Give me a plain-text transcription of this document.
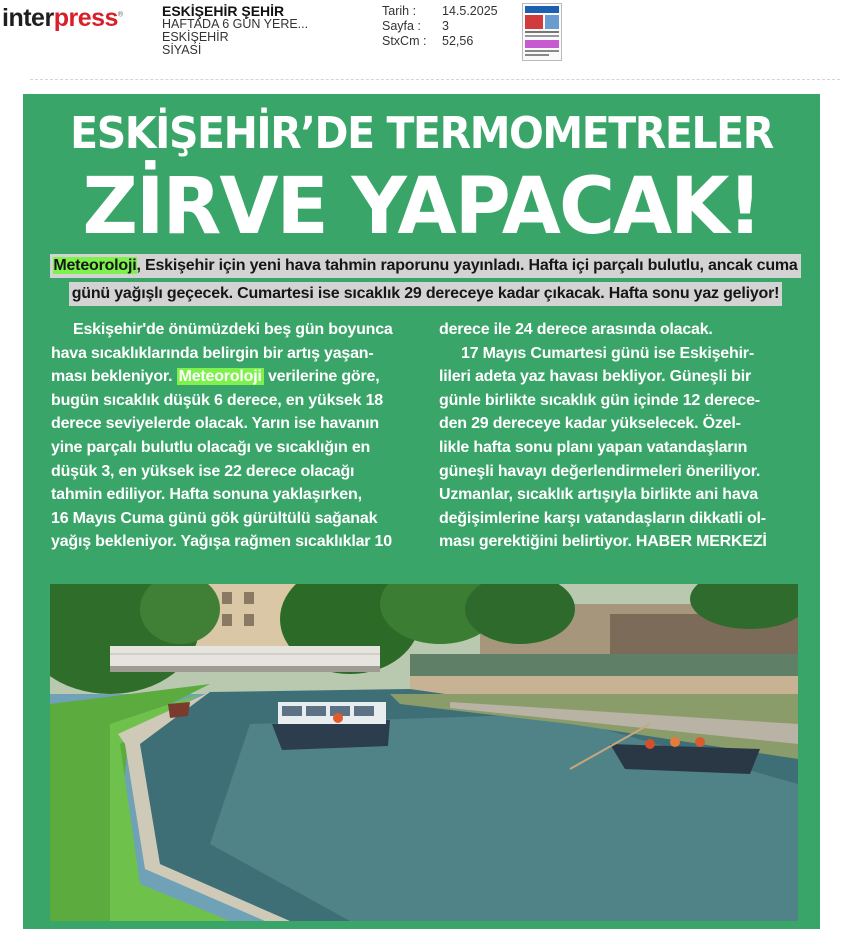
interpress®	ESKİŞEHİR ŞEHİR
HAFTADA 6 GÜN YERE...
ESKİŞEHİR
SİYASİ
Tarih :	14.5.2025
Sayfa :	3
StxCm :	52,56
ESKİŞEHİR’DE TERMOMETRELER
ZİRVE YAPACAK!
Meteoroloji, Eskişehir için yeni hava tahmin raporunu yayınladı. Hafta içi parçalı bulutlu, ancak cuma
günü yağışlı geçecek. Cumartesi ise sıcaklık 29 dereceye kadar çıkacak. Hafta sonu yaz geliyor!
Eskişehir'de önümüzdeki beş gün boyunca
hava sıcaklıklarında belirgin bir artış yaşan-
ması bekleniyor. Meteoroloji verilerine göre,
bugün sıcaklık düşük 6 derece, en yüksek 18
derece seviyelerde olacak. Yarın ise havanın
yine parçalı bulutlu olacağı ve sıcaklığın en
düşük 3, en yüksek ise 22 derece olacağı
tahmin ediliyor. Hafta sonuna yaklaşırken,
16 Mayıs Cuma günü gök gürültülü sağanak
yağış bekleniyor. Yağışa rağmen sıcaklıklar 10
derece ile 24 derece arasında olacak.
17 Mayıs Cumartesi günü ise Eskişehir-
lileri adeta yaz havası bekliyor. Güneşli bir
günle birlikte sıcaklık gün içinde 12 derece-
den 29 dereceye kadar yükselecek. Özel-
likle hafta sonu planı yapan vatandaşların
güneşli havayı değerlendirmeleri öneriliyor.
Uzmanlar, sıcaklık artışıyla birlikte ani hava
değişimlerine karşı vatandaşların dikkatli ol-
ması gerektiğini belirtiyor. HABER MERKEZİ
